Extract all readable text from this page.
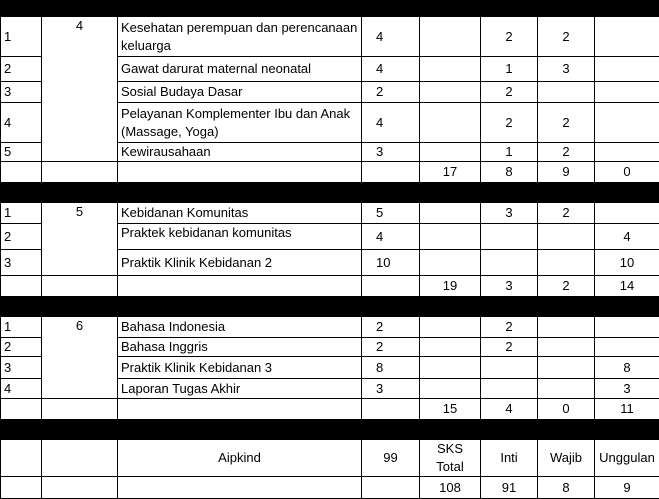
1	4	Kesehatan perempuan dan perencanaan keluarga	4		2	2	
2		Gawat darurat maternal neonatal	4		1	3	
3		Sosial Budaya Dasar	2		2		
4		Pelayanan Komplementer Ibu dan Anak (Massage, Yoga)	4		2	2	
5		Kewirausahaan	3		1	2	
				17	8	9	0

1	5	Kebidanan Komunitas	5		3	2	
2		Praktek kebidanan komunitas	4				4
3		Praktik Klinik Kebidanan 2	10				10
				19	3	2	14

1	6	Bahasa Indonesia	2		2		
2		Bahasa Inggris	2		2		
3		Praktik Klinik Kebidanan 3	8				8
4		Laporan Tugas Akhir	3				3
				15	4	0	11

		Aipkind	99	SKS Total	Inti	Wajib	Unggulan
				108	91	8	9
